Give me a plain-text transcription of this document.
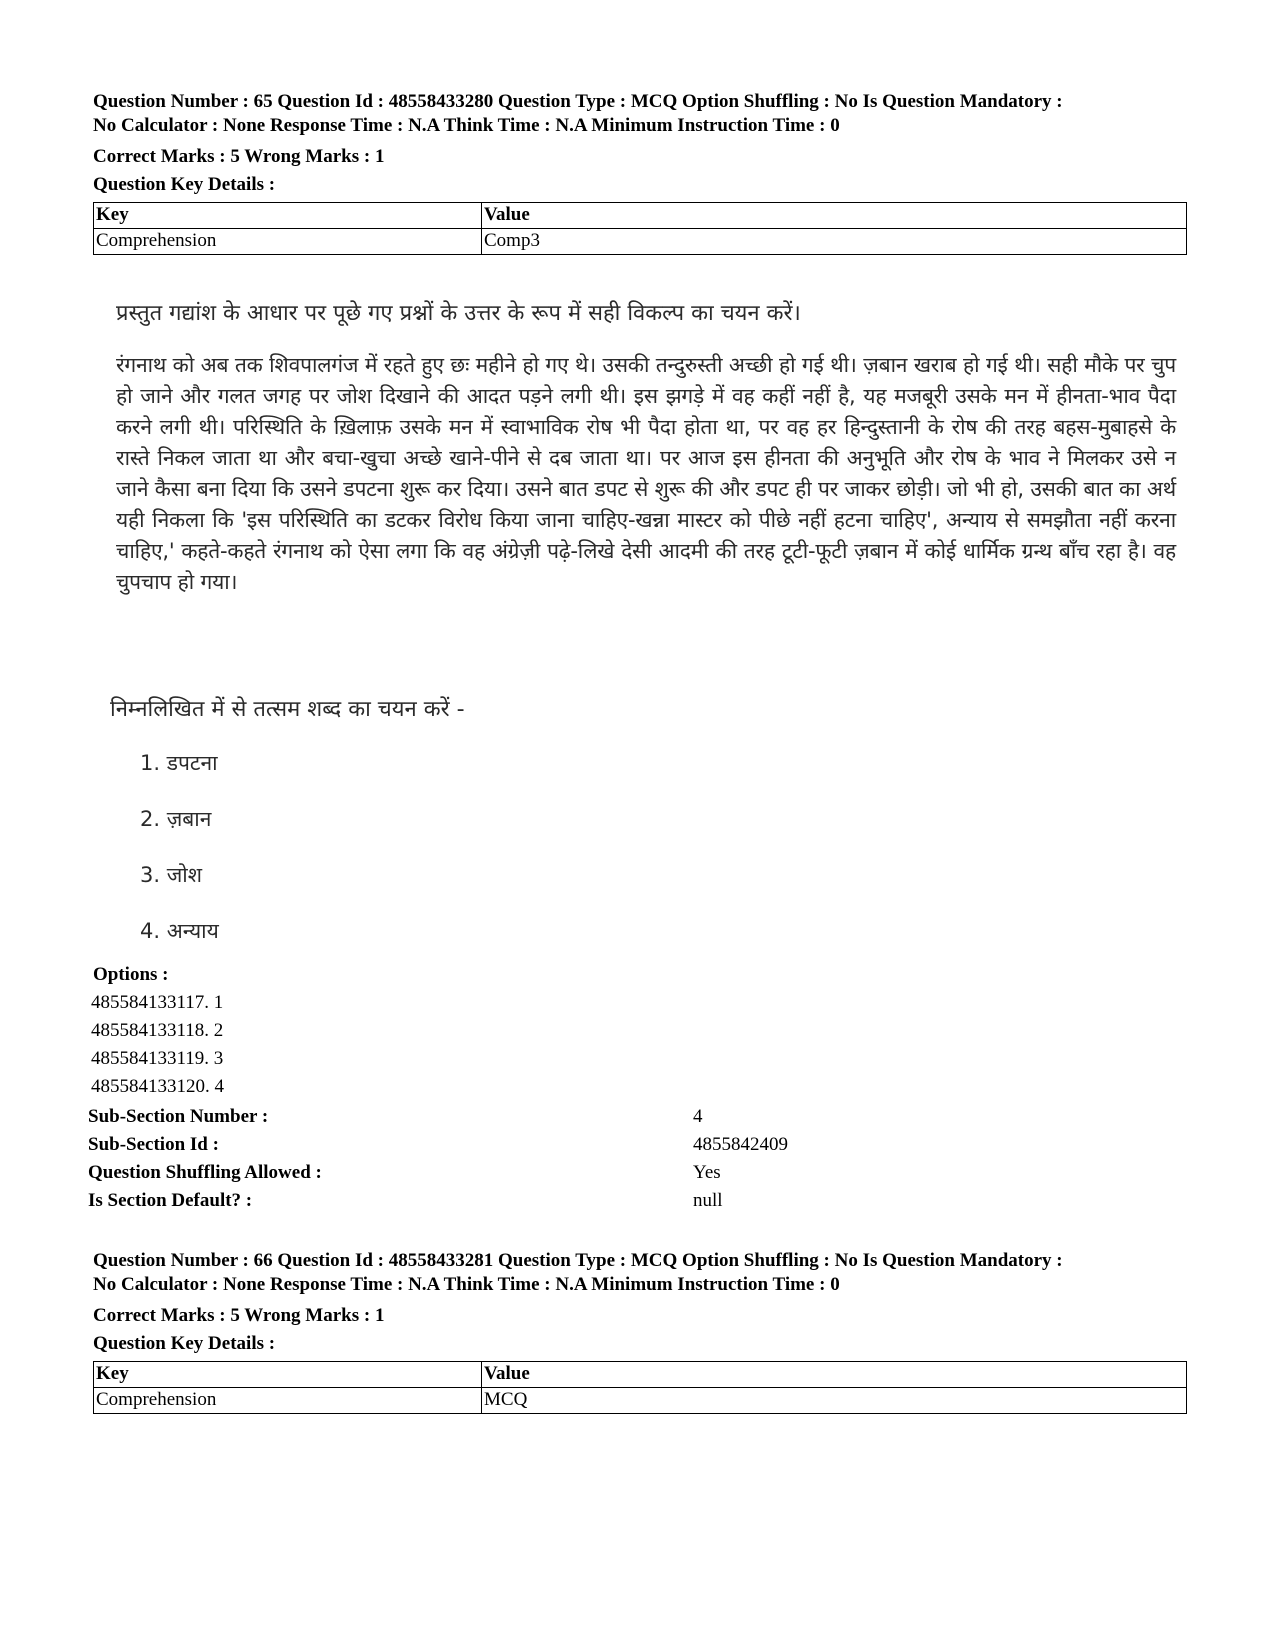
Question Number : 65 Question Id : 48558433280 Question Type : MCQ Option Shuffling : No Is Question Mandatory :
No Calculator : None Response Time : N.A Think Time : N.A Minimum Instruction Time : 0
Correct Marks : 5 Wrong Marks : 1
Question Key Details :
Key	Value
Comprehension	Comp3
प्रस्तुत गद्यांश के आधार पर पूछे गए प्रश्नों के उत्तर के रूप में सही विकल्प का चयन करें।
रंगनाथ को अब तक शिवपालगंज में रहते हुए छः महीने हो गए थे। उसकी तन्दुरुस्ती अच्छी हो गई थी। ज़बान खराब हो गई थी। सही मौके पर चुप हो जाने और गलत जगह पर जोश दिखाने की आदत पड़ने लगी थी। इस झगड़े में वह कहीं नहीं है, यह मजबूरी उसके मन में हीनता-भाव पैदा करने लगी थी। परिस्थिति के ख़िलाफ़ उसके मन में स्वाभाविक रोष भी पैदा होता था, पर वह हर हिन्दुस्तानी के रोष की तरह बहस-मुबाहसे के रास्ते निकल जाता था और बचा-खुचा अच्छे खाने-पीने से दब जाता था। पर आज इस हीनता की अनुभूति और रोष के भाव ने मिलकर उसे न जाने कैसा बना दिया कि उसने डपटना शुरू कर दिया। उसने बात डपट से शुरू की और डपट ही पर जाकर छोड़ी। जो भी हो, उसकी बात का अर्थ यही निकला कि 'इस परिस्थिति का डटकर विरोध किया जाना चाहिए-खन्ना मास्टर को पीछे नहीं हटना चाहिए', अन्याय से समझौता नहीं करना चाहिए,' कहते-कहते रंगनाथ को ऐसा लगा कि वह अंग्रेज़ी पढ़े-लिखे देसी आदमी की तरह टूटी-फूटी ज़बान में कोई धार्मिक ग्रन्थ बाँच रहा है। वह चुपचाप हो गया।
निम्नलिखित में से तत्सम शब्द का चयन करें -
1. डपटना
2. ज़बान
3. जोश
4. अन्याय
Options :
485584133117. 1
485584133118. 2
485584133119. 3
485584133120. 4
Sub-Section Number :	4
Sub-Section Id :	4855842409
Question Shuffling Allowed :	Yes
Is Section Default? :	null
Question Number : 66 Question Id : 48558433281 Question Type : MCQ Option Shuffling : No Is Question Mandatory :
No Calculator : None Response Time : N.A Think Time : N.A Minimum Instruction Time : 0
Correct Marks : 5 Wrong Marks : 1
Question Key Details :
Key	Value
Comprehension	MCQ
